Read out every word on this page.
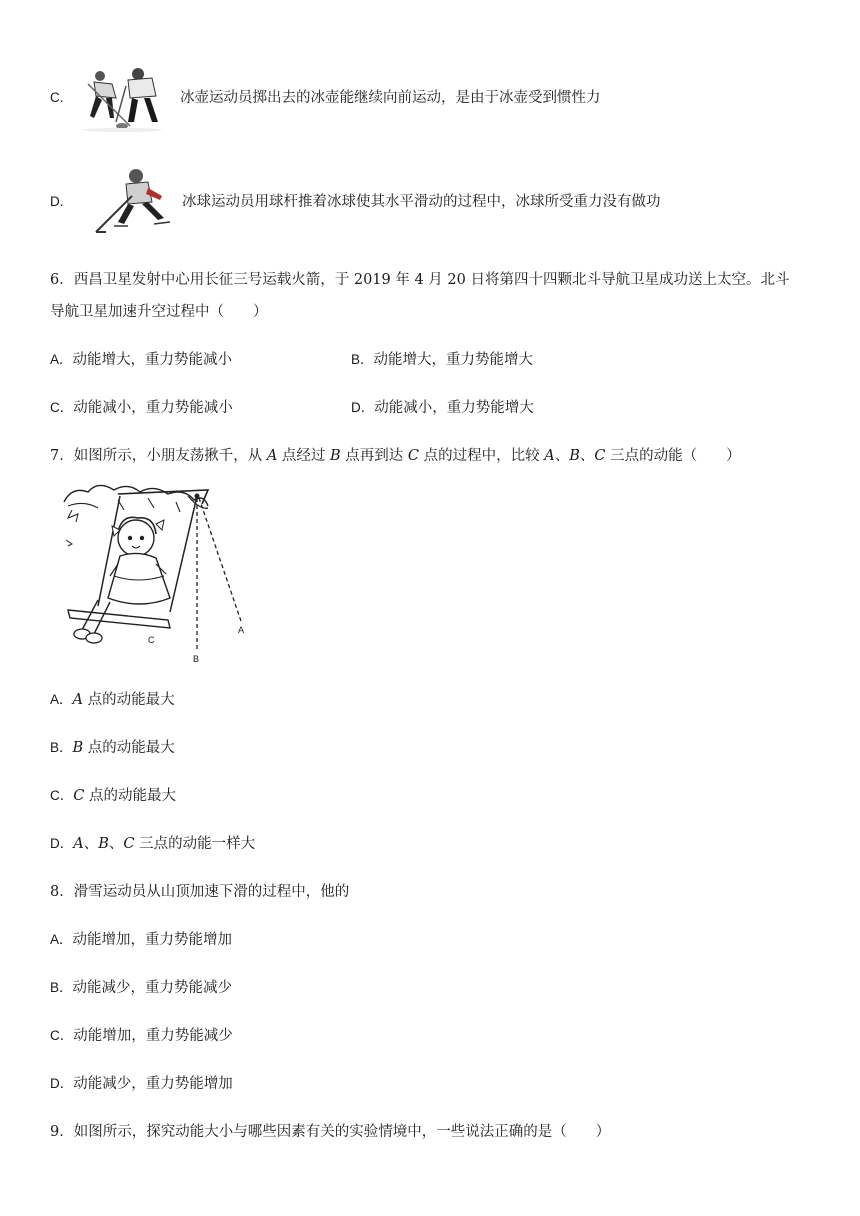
C.	冰壶运动员掷出去的冰壶能继续向前运动，是由于冰壶受到惯性力
D.	冰球运动员用球杆推着冰球使其水平滑动的过程中，冰球所受重力没有做功
6．西昌卫星发射中心用长征三号运载火箭，于 2019 年 4 月 20 日将第四十四颗北斗导航卫星成功送上太空。北斗
导航卫星加速升空过程中（　　）
A．动能增大，重力势能减小	B．动能增大，重力势能增大
C．动能减小，重力势能减小	D．动能减小，重力势能增大
7．如图所示，小朋友荡揪千，从 A 点经过 B 点再到达 C 点的过程中，比较 A、B、C 三点的动能（　　）
C
B
A
A．A 点的动能最大
B．B 点的动能最大
C．C 点的动能最大
D．A、B、C 三点的动能一样大
8．滑雪运动员从山顶加速下滑的过程中，他的
A．动能增加，重力势能增加
B．动能减少，重力势能减少
C．动能增加，重力势能减少
D．动能减少，重力势能增加
9．如图所示，探究动能大小与哪些因素有关的实验情境中，一些说法正确的是（　　）
